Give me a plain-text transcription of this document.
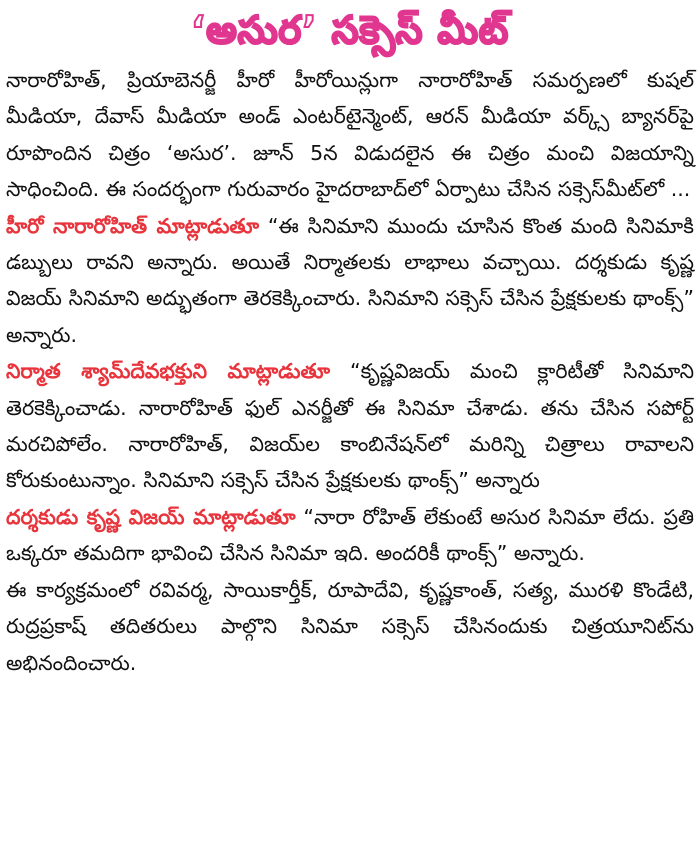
‘అసుర’ సక్సెస్ మీట్

నారారోహిత్, ప్రియాబెనర్జీ హీరో హీరోయిన్లుగా నారారోహిత్ సమర్పణలో కుషల్ మీడియా, దేవాస్ మీడియా అండ్ ఎంటర్‌టైన్మెంట్, ఆరన్ మీడియా వర్క్స్ బ్యానర్‌పై రూపొందిన చిత్రం ‘అసుర’. జూన్ 5న విడుదలైన ఈ చిత్రం మంచి విజయాన్ని సాధించింది. ఈ సందర్భంగా గురువారం హైదరాబాద్‌లో ఏర్పాటు చేసిన సక్సెస్‌మీట్‌లో ...

హీరో నారారోహిత్ మాట్లాడుతూ “ఈ సినిమాని ముందు చూసిన కొంత మంది సినిమాకి డబ్బులు రావని అన్నారు. అయితే నిర్మాతలకు లాభాలు వచ్చాయి. దర్శకుడు కృష్ణ విజయ్ సినిమాని అద్భుతంగా తెరకెక్కించారు. సినిమాని సక్సెస్ చేసిన ప్రేక్షకులకు థాంక్స్” అన్నారు.

నిర్మాత శ్యామ్‌దేవభక్తుని మాట్లాడుతూ “కృష్ణవిజయ్ మంచి క్లారిటీతో సినిమాని తెరకెక్కించాడు. నారారోహిత్ ఫుల్ ఎనర్జీతో ఈ సినిమా చేశాడు. తను చేసిన సపోర్ట్ మరచిపోలేం. నారారోహిత్, విజయ్‌ల కాంబినేషన్‌లో మరిన్ని చిత్రాలు రావాలని కోరుకుంటున్నాం. సినిమాని సక్సెస్ చేసిన ప్రేక్షకులకు థాంక్స్” అన్నారు

దర్శకుడు కృష్ణ విజయ్ మాట్లాడుతూ “నారా రోహిత్ లేకుంటే అసుర సినిమా లేదు. ప్రతి ఒక్కరూ తమదిగా భావించి చేసిన సినిమా ఇది. అందరికీ థాంక్స్” అన్నారు.

ఈ కార్యక్రమంలో రవివర్మ, సాయికార్తీక్, రూపాదేవి, కృష్ణకాంత్, సత్య, మురళి కొండేటి, రుద్రప్రకాష్ తదితరులు పాల్గొని సినిమా సక్సెస్ చేసినందుకు చిత్రయూనిట్‌ను అభినందించారు.
